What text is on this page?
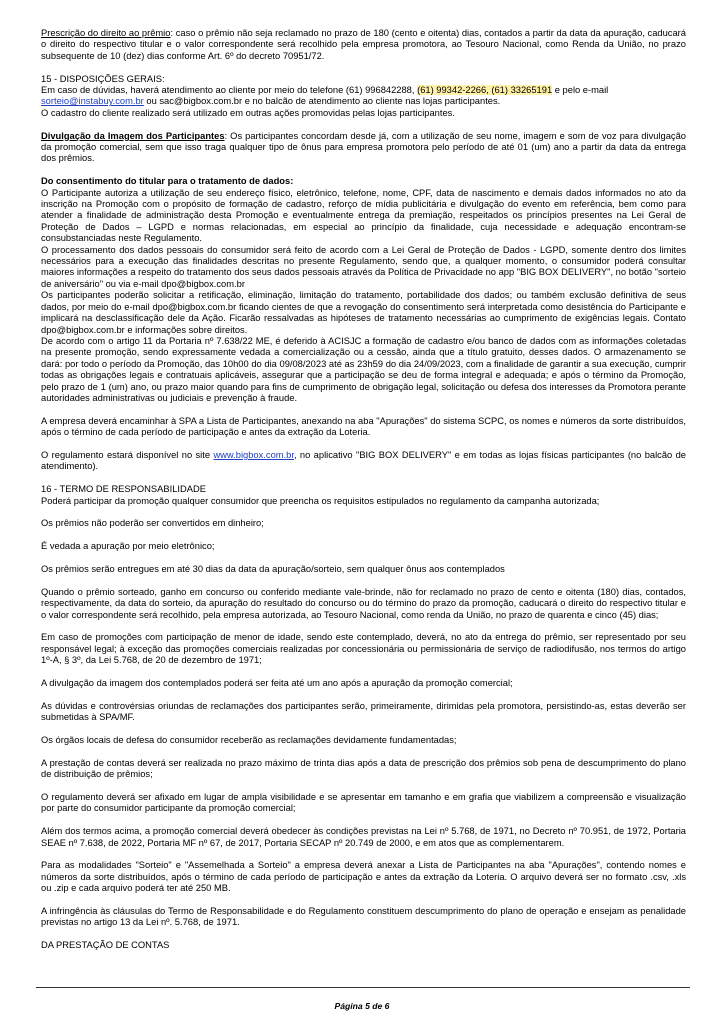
Prescrição do direito ao prêmio: caso o prêmio não seja reclamado no prazo de 180 (cento e oitenta) dias, contados a partir da data da apuração, caducará o direito do respectivo titular e o valor correspondente será recolhido pela empresa promotora, ao Tesouro Nacional, como Renda da União, no prazo subsequente de 10 (dez) dias conforme Art. 6º do decreto 70951/72.

15 - DISPOSIÇÕES GERAIS:

Em caso de dúvidas, haverá atendimento ao cliente por meio do telefone (61) 996842288, (61) 99342-2266, (61) 33265191 e pelo e-mail

sorteio@instabuy.com.br ou sac@bigbox.com.br e no balcão de atendimento ao cliente nas lojas participantes.

O cadastro do cliente realizado será utilizado em outras ações promovidas pelas lojas participantes.

Divulgação da Imagem dos Participantes: Os participantes concordam desde já, com a utilização de seu nome, imagem e som de voz para divulgação da promoção comercial, sem que isso traga qualquer tipo de ônus para empresa promotora pelo período de até 01 (um) ano a partir da data da entrega dos prêmios.

Do consentimento do titular para o tratamento de dados:

O Participante autoriza a utilização de seu endereço físico, eletrônico, telefone, nome, CPF, data de nascimento e demais dados informados no ato da inscrição na Promoção com o propósito de formação de cadastro, reforço de mídia publicitária e divulgação do evento em referência, bem como para atender a finalidade de administração desta Promoção e eventualmente entrega da premiação, respeitados os princípios presentes na Lei Geral de Proteção de Dados – LGPD e normas relacionadas, em especial ao princípio da finalidade, cuja necessidade e adequação encontram-se consubstanciadas neste Regulamento.

O processamento dos dados pessoais do consumidor será feito de acordo com a Lei Geral de Proteção de Dados - LGPD, somente dentro dos limites necessários para a execução das finalidades descritas no presente Regulamento, sendo que, a qualquer momento, o consumidor poderá consultar maiores informações a respeito do tratamento dos seus dados pessoais através da Política de Privacidade no app "BIG BOX DELIVERY", no botão "sorteio de aniversário" ou via e-mail dpo@bigbox.com.br

Os participantes poderão solicitar a retificação, eliminação, limitação do tratamento, portabilidade dos dados; ou também exclusão definitiva de seus dados, por meio do e-mail dpo@bigbox.com.br ficando cientes de que a revogação do consentimento será interpretada como desistência do Participante e implicará na desclassificação dele da Ação. Ficarão ressalvadas as hipóteses de tratamento necessárias ao cumprimento de exigências legais. Contato dpo@bigbox.com.br e informações sobre direitos.

De acordo com o artigo 11 da Portaria nº 7.638/22 ME, é deferido à ACISJC a formação de cadastro e/ou banco de dados com as informações coletadas na presente promoção, sendo expressamente vedada a comercialização ou a cessão, ainda que a título gratuito, desses dados. O armazenamento se dará: por todo o período da Promoção, das 10h00 do dia 09/08/2023 até as 23h59 do dia 24/09/2023, com a finalidade de garantir a sua execução, cumprir todas as obrigações legais e contratuais aplicáveis, assegurar que a participação se deu de forma integral e adequada; e após o término da Promoção, pelo prazo de 1 (um) ano, ou prazo maior quando para fins de cumprimento de obrigação legal, solicitação ou defesa dos interesses da Promotora perante autoridades administrativas ou judiciais e prevenção à fraude.

A empresa deverá encaminhar à SPA a Lista de Participantes, anexando na aba "Apurações" do sistema SCPC, os nomes e números da sorte distribuídos, após o término de cada período de participação e antes da extração da Loteria.

O regulamento estará disponível no site www.bigbox.com.br, no aplicativo "BIG BOX DELIVERY" e em todas as lojas físicas participantes (no balcão de atendimento).

16 - TERMO DE RESPONSABILIDADE

Poderá participar da promoção qualquer consumidor que preencha os requisitos estipulados no regulamento da campanha autorizada;

Os prêmios não poderão ser convertidos em dinheiro;

É vedada a apuração por meio eletrônico;

Os prêmios serão entregues em até 30 dias da data da apuração/sorteio, sem qualquer ônus aos contemplados

Quando o prêmio sorteado, ganho em concurso ou conferido mediante vale-brinde, não for reclamado no prazo de cento e oitenta (180) dias, contados, respectivamente, da data do sorteio, da apuração do resultado do concurso ou do término do prazo da promoção, caducará o direito do respectivo titular e o valor correspondente será recolhido, pela empresa autorizada, ao Tesouro Nacional, como renda da União, no prazo de quarenta e cinco (45) dias;

Em caso de promoções com participação de menor de idade, sendo este contemplado, deverá, no ato da entrega do prêmio, ser representado por seu responsável legal; à exceção das promoções comerciais realizadas por concessionária ou permissionária de serviço de radiodifusão, nos termos do artigo 1º-A, § 3º, da Lei 5.768, de 20 de dezembro de 1971;

A divulgação da imagem dos contemplados poderá ser feita até um ano após a apuração da promoção comercial;

As dúvidas e controvérsias oriundas de reclamações dos participantes serão, primeiramente, dirimidas pela promotora, persistindo-as, estas deverão ser submetidas à SPA/MF.

Os órgãos locais de defesa do consumidor receberão as reclamações devidamente fundamentadas;

A prestação de contas deverá ser realizada no prazo máximo de trinta dias após a data de prescrição dos prêmios sob pena de descumprimento do plano de distribuição de prêmios;

O regulamento deverá ser afixado em lugar de ampla visibilidade e se apresentar em tamanho e em grafia que viabilizem a compreensão e visualização por parte do consumidor participante da promoção comercial;

Além dos termos acima, a promoção comercial deverá obedecer às condições previstas na Lei nº 5.768, de 1971, no Decreto nº 70.951, de 1972, Portaria SEAE nº 7.638, de 2022, Portaria MF nº 67, de 2017, Portaria SECAP nº 20.749 de 2000, e em atos que as complementarem.

Para as modalidades "Sorteio" e "Assemelhada a Sorteio" a empresa deverá anexar a Lista de Participantes na aba "Apurações", contendo nomes e números da sorte distribuídos, após o término de cada período de participação e antes da extração da Loteria. O arquivo deverá ser no formato .csv, .xls ou .zip e cada arquivo poderá ter até 250 MB.

A infringência às cláusulas do Termo de Responsabilidade e do Regulamento constituem descumprimento do plano de operação e ensejam as penalidade previstas no artigo 13 da Lei nº. 5.768, de 1971.

DA PRESTAÇÃO DE CONTAS

Página 5 de 6
